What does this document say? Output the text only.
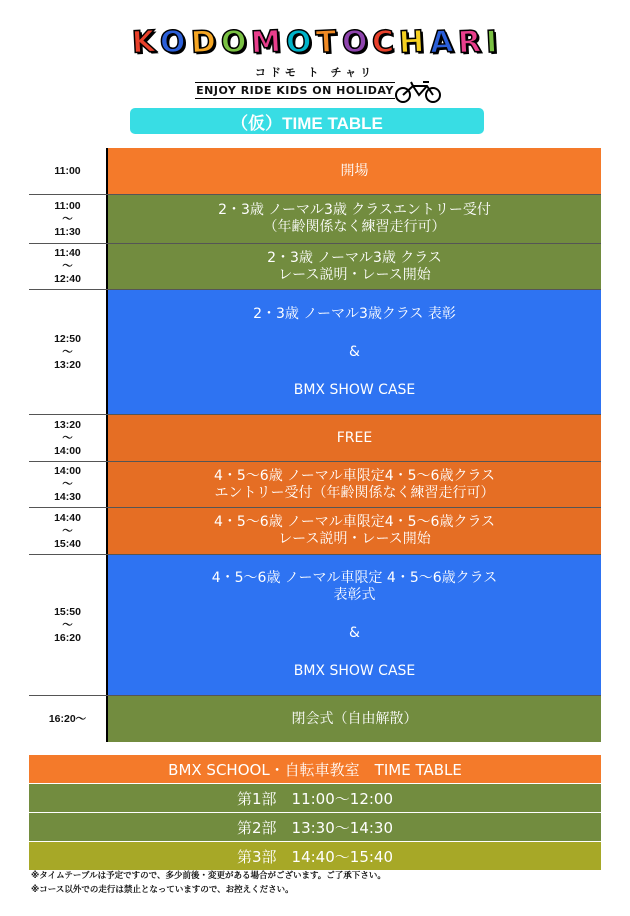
K O D O M O T O C H A R I
コドモ ト チャリ
ENJOY RIDE KIDS ON HOLIDAY
（仮）TIME TABLE
11:00	開場
11:00
～
11:30
2・3歳 ノーマル3歳 クラスエントリー受付
（年齢関係なく練習走行可）
11:40
～
12:40
2・3歳 ノーマル3歳 クラス
レース説明・レース開始
12:50
～
13:20
2・3歳 ノーマル3歳クラス 表彰
&
BMX SHOW CASE
13:20
～
14:00
FREE
14:00
～
14:30
4・5～6歳 ノーマル車限定4・5～6歳クラス
エントリー受付（年齢関係なく練習走行可）
14:40
～
15:40
4・5～6歳 ノーマル車限定4・5～6歳クラス
レース説明・レース開始
15:50
～
16:20
4・5～6歳 ノーマル車限定 4・5～6歳クラス
表彰式
&
BMX SHOW CASE
16:20～	閉会式（自由解散）
BMX SCHOOL・自転車教室　TIME TABLE
第1部　11:00～12:00
第2部　13:30～14:30
第3部　14:40～15:40
※タイムテーブルは予定ですので、多少前後・変更がある場合がございます。ご了承下さい。
※コース以外での走行は禁止となっていますので、お控えください。
